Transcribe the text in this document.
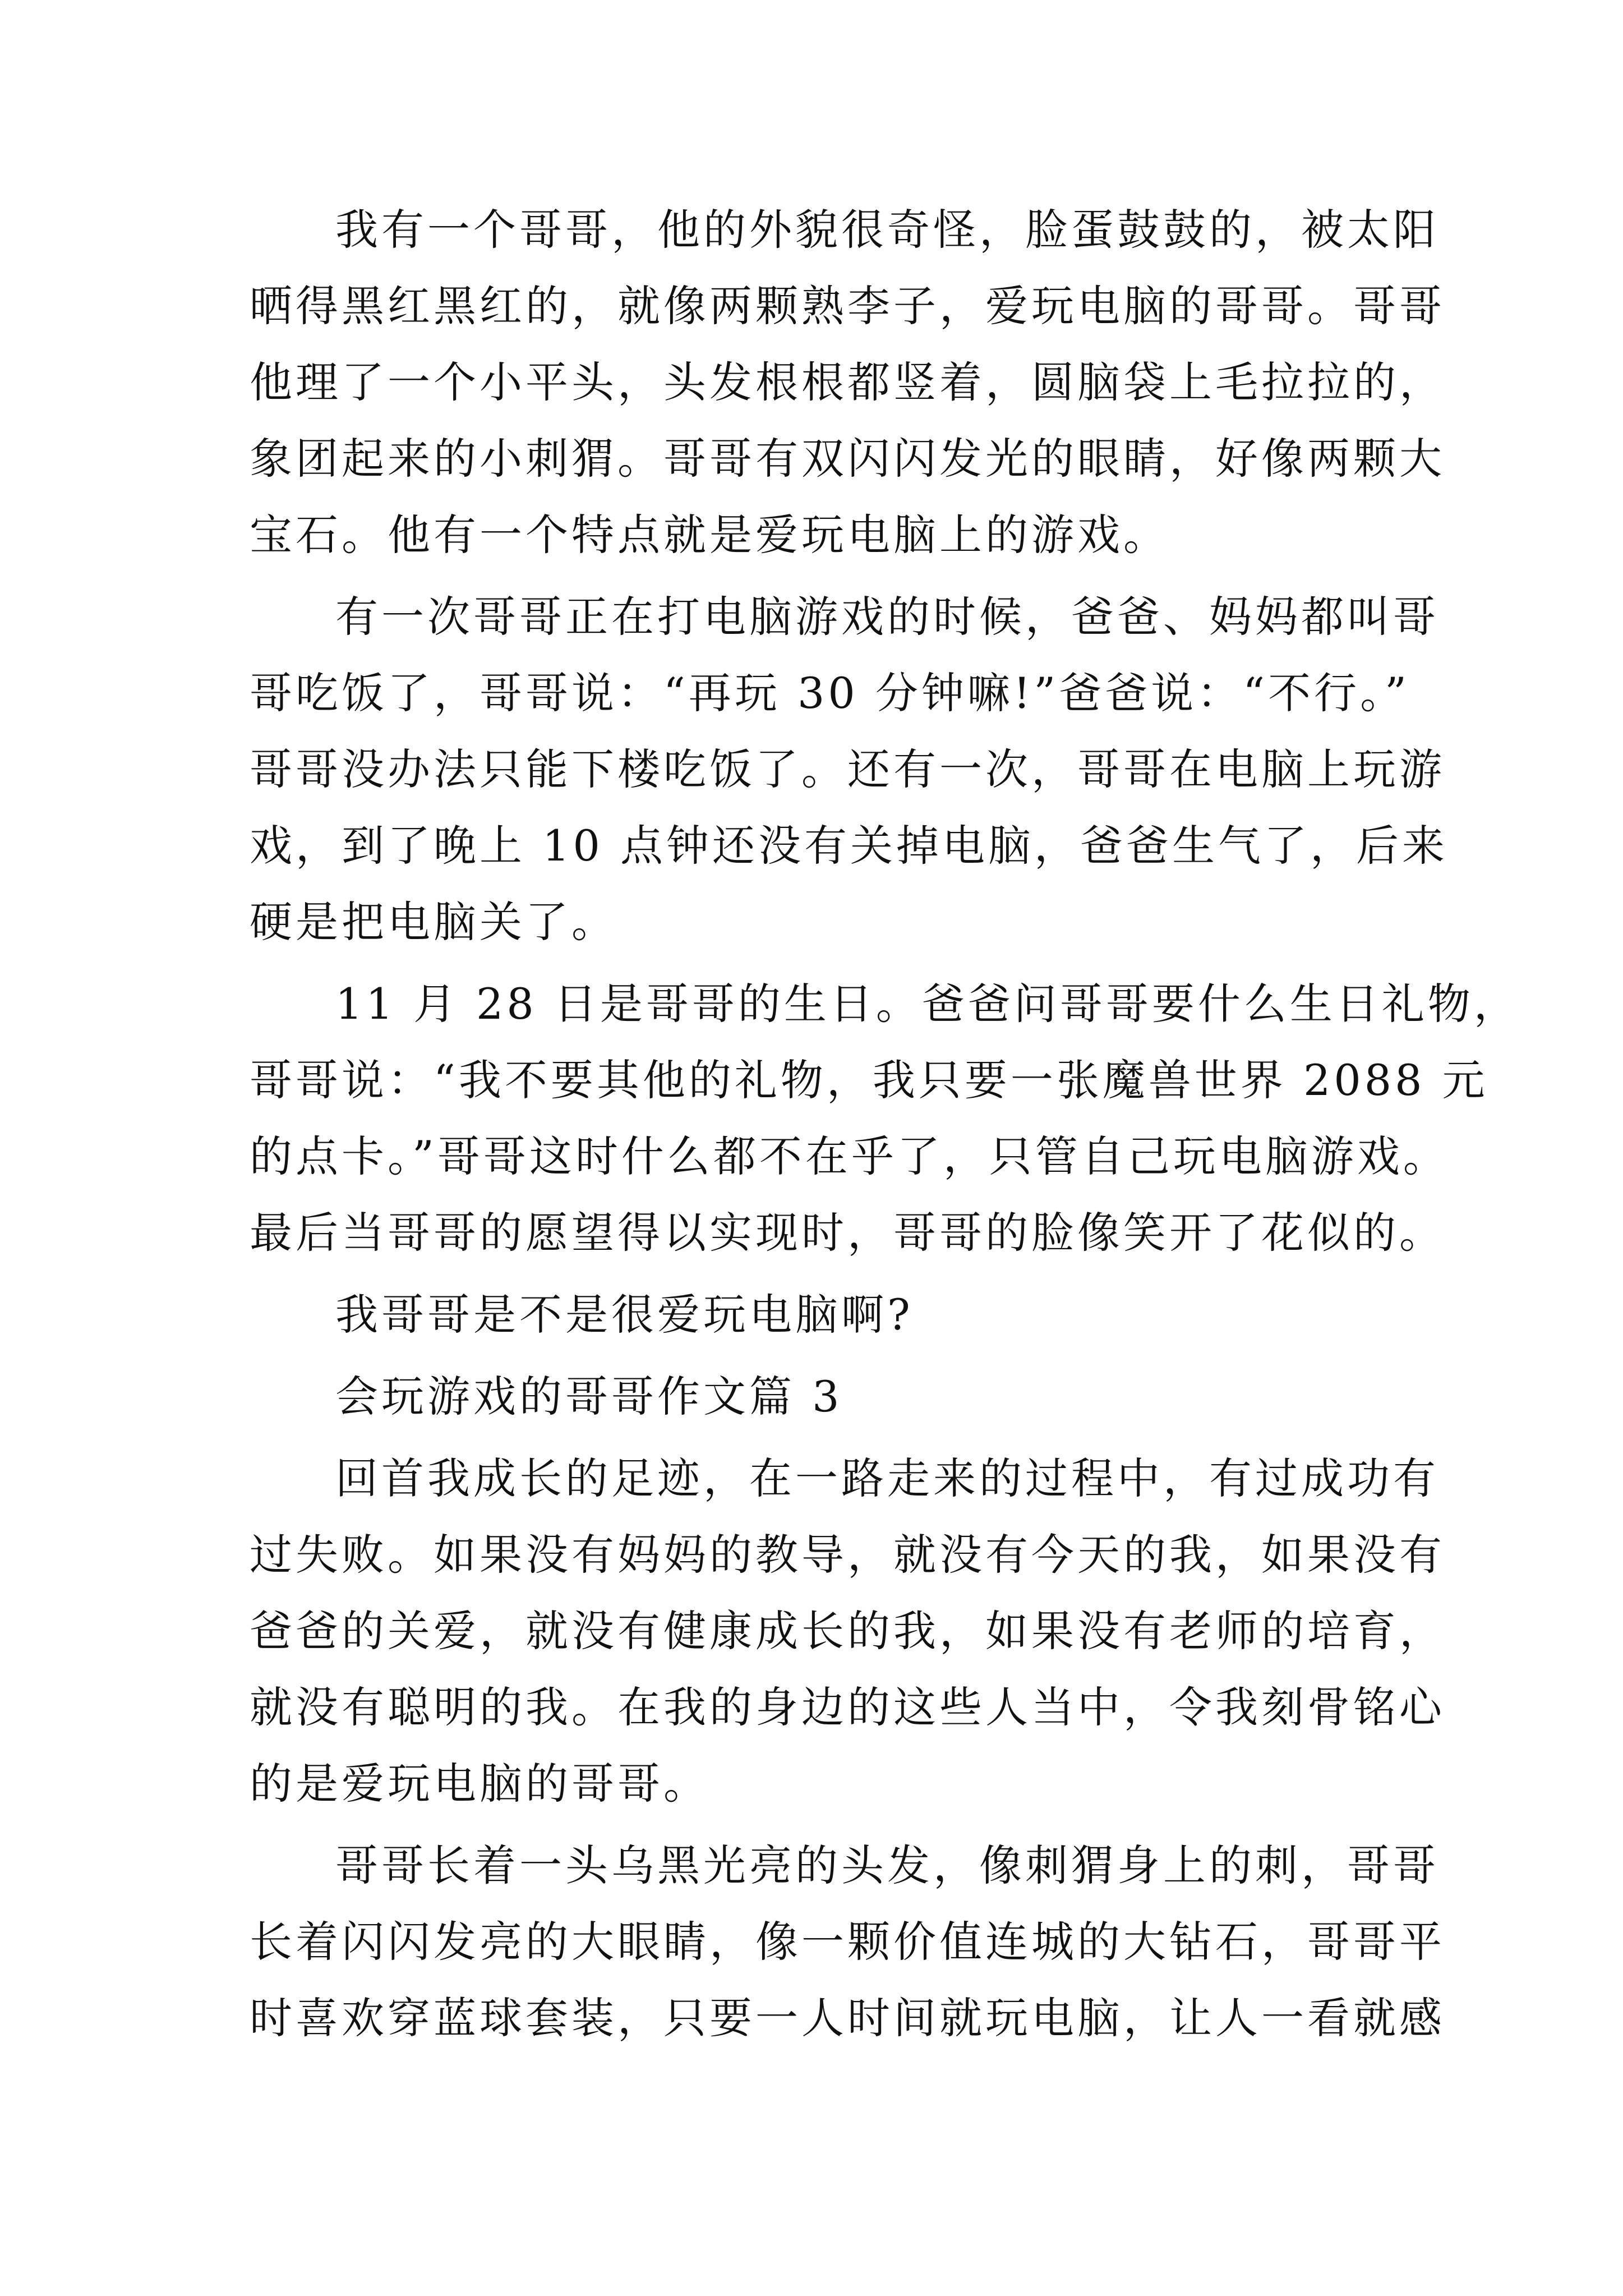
我有一个哥哥，他的外貌很奇怪，脸蛋鼓鼓的，被太阳
晒得黑红黑红的，就像两颗熟李子，爱玩电脑的哥哥。哥哥
他理了一个小平头，头发根根都竖着，圆脑袋上毛拉拉的，
象团起来的小刺猬。哥哥有双闪闪发光的眼睛，好像两颗大
宝石。他有一个特点就是爱玩电脑上的游戏。
有一次哥哥正在打电脑游戏的时候，爸爸、妈妈都叫哥
哥吃饭了，哥哥说：“再玩 30 分钟嘛!”爸爸说：“不行。”
哥哥没办法只能下楼吃饭了。还有一次，哥哥在电脑上玩游
戏，到了晚上 10 点钟还没有关掉电脑，爸爸生气了，后来
硬是把电脑关了。
11 月 28 日是哥哥的生日。爸爸问哥哥要什么生日礼物，
哥哥说：“我不要其他的礼物，我只要一张魔兽世界 2088 元
的点卡。”哥哥这时什么都不在乎了，只管自己玩电脑游戏。
最后当哥哥的愿望得以实现时，哥哥的脸像笑开了花似的。
我哥哥是不是很爱玩电脑啊?
会玩游戏的哥哥作文篇 3
回首我成长的足迹，在一路走来的过程中，有过成功有
过失败。如果没有妈妈的教导，就没有今天的我，如果没有
爸爸的关爱，就没有健康成长的我，如果没有老师的培育，
就没有聪明的我。在我的身边的这些人当中，令我刻骨铭心
的是爱玩电脑的哥哥。
哥哥长着一头乌黑光亮的头发，像刺猬身上的刺，哥哥
长着闪闪发亮的大眼睛，像一颗价值连城的大钻石，哥哥平
时喜欢穿蓝球套装，只要一人时间就玩电脑，让人一看就感
